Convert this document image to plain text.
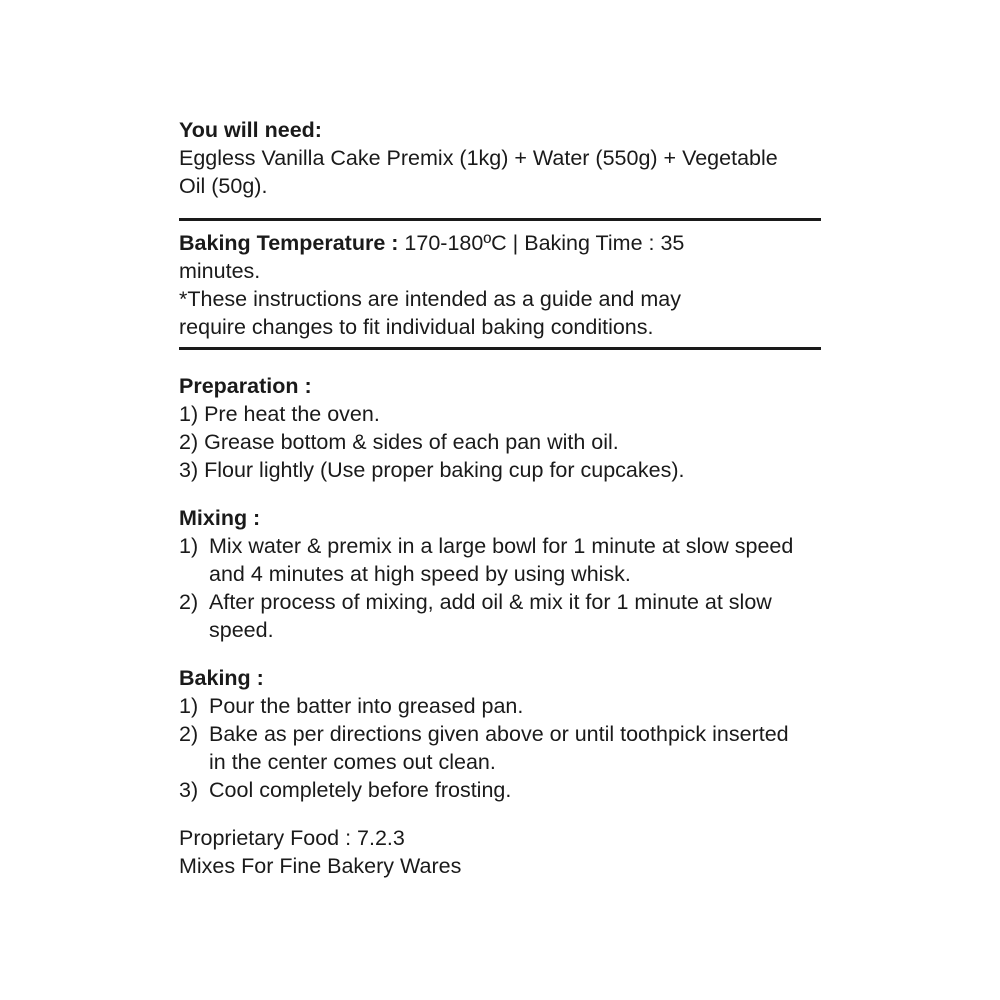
You will need:
Eggless Vanilla Cake Premix (1kg) + Water (550g) + Vegetable
Oil (50g).
Baking Temperature : 170-180ºC | Baking Time : 35
minutes.
*These instructions are intended as a guide and may
require changes to fit individual baking conditions.
Preparation :
1) Pre heat the oven.
2) Grease bottom & sides of each pan with oil.
3) Flour lightly (Use proper baking cup for cupcakes).
Mixing :
1) Mix water & premix in a large bowl for 1 minute at slow speed
and 4 minutes at high speed by using whisk.
2) After process of mixing, add oil & mix it for 1 minute at slow
speed.
Baking :
1) Pour the batter into greased pan.
2) Bake as per directions given above or until toothpick inserted
in the center comes out clean.
3) Cool completely before frosting.
Proprietary Food : 7.2.3
Mixes For Fine Bakery Wares
